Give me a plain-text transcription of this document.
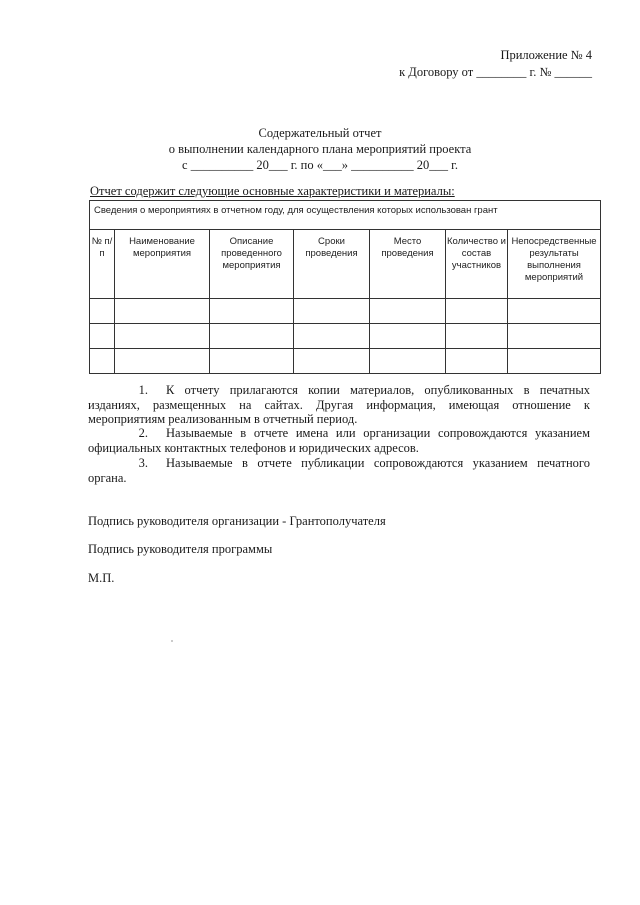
Приложение № 4
к Договору от ________ г. № ______
Содержательный отчет
о выполнении календарного плана мероприятий проекта
с __________ 20___ г. по «___» __________ 20___ г.
Отчет содержит следующие основные характеристики и материалы:
Сведения о мероприятиях в отчетном году, для осуществления которых использован грант						
№ п/п	Наименование мероприятия	Описание проведенного мероприятия	Сроки проведения	Место проведения	Количество и состав участников	Непосредственные результаты выполнения мероприятий

1. К отчету прилагаются копии материалов, опубликованных в печатных изданиях, размещенных на сайтах. Другая информация, имеющая отношение к мероприятиям реализованным в отчетный период.
2. Называемые в отчете имена или организации сопровождаются указанием официальных контактных телефонов и юридических адресов.
3. Называемые в отчете публикации сопровождаются указанием печатного органа.
Подпись руководителя организации - Грантополучателя
Подпись руководителя программы
М.П.
